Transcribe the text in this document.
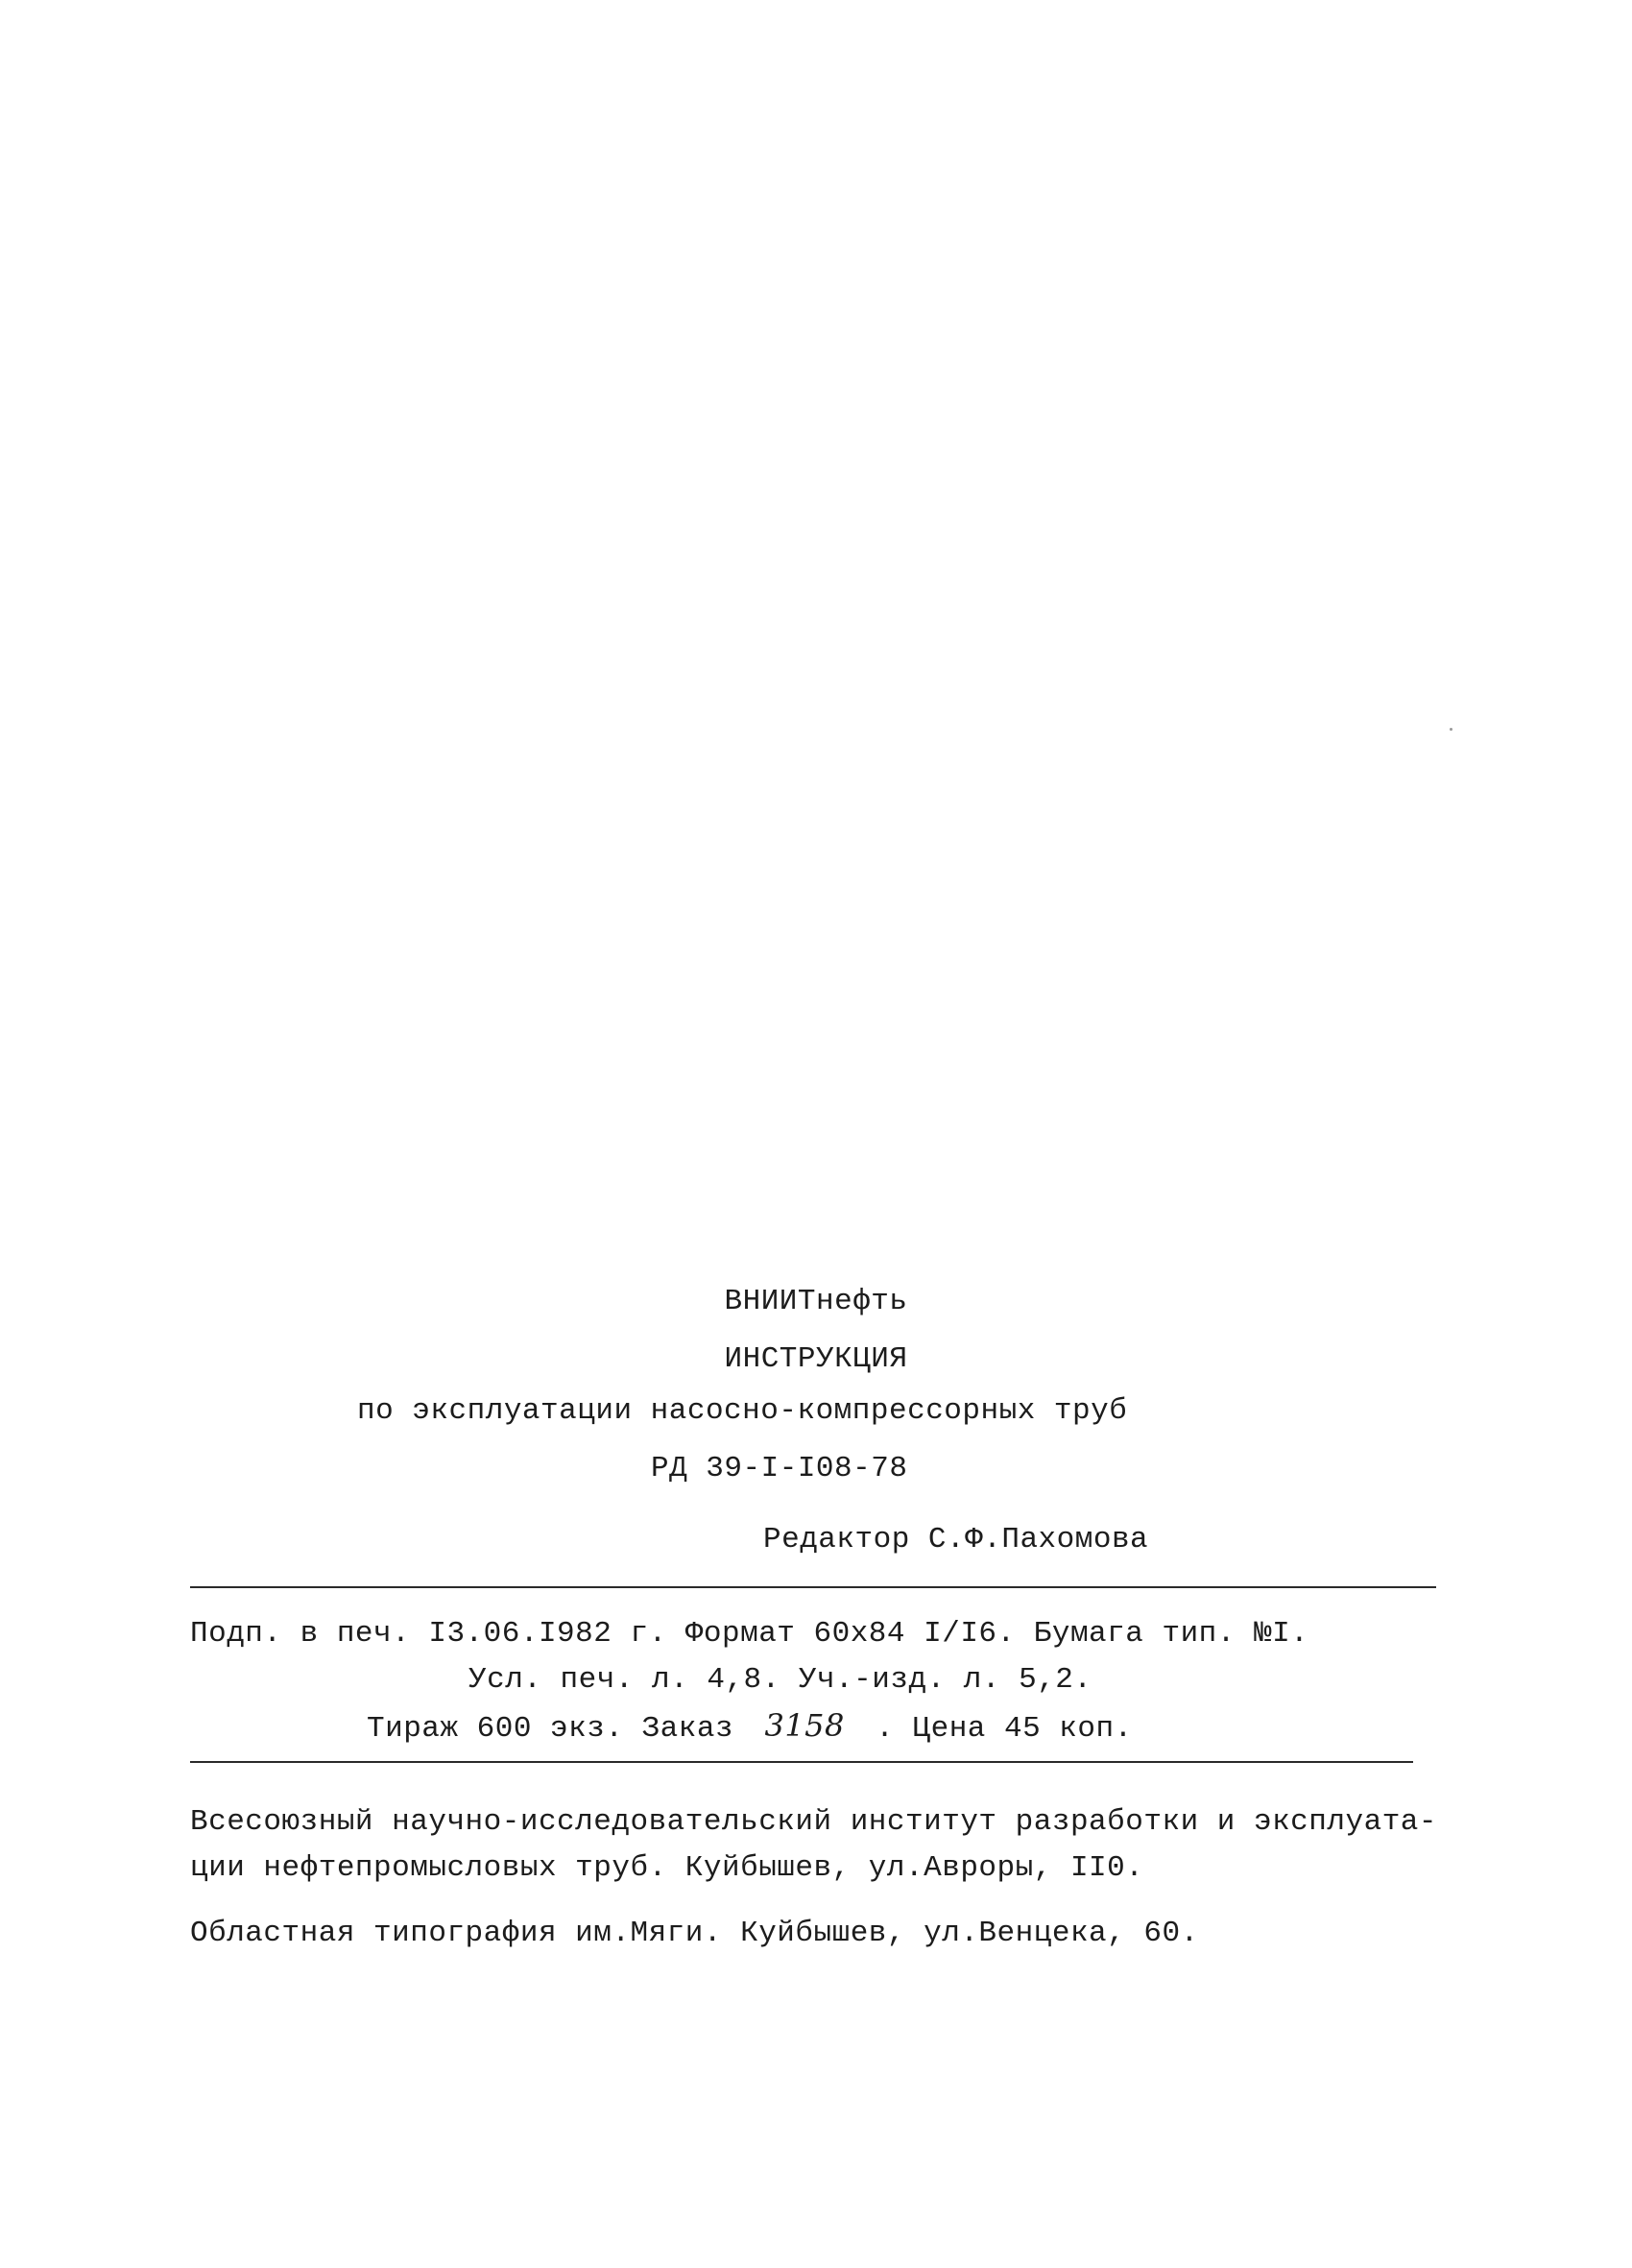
ВНИИТнефть
ИНСТРУКЦИЯ
по эксплуатации насосно-компрессорных труб
РД 39-I-I08-78
Редактор С.Ф.Пахомова
Подп. в печ. I3.06.I982 г. Формат 60х84 I/I6. Бумага тип. №I.
Усл. печ. л. 4,8. Уч.-изд. л. 5,2.
Тираж 600 экз. Заказ 3158 . Цена 45 коп.
Всесоюзный научно-исследовательский институт разработки и эксплуата-
ции нефтепромысловых труб. Куйбышев, ул.Авроры, II0.
Областная типография им.Мяги. Куйбышев, ул.Венцека, 60.
